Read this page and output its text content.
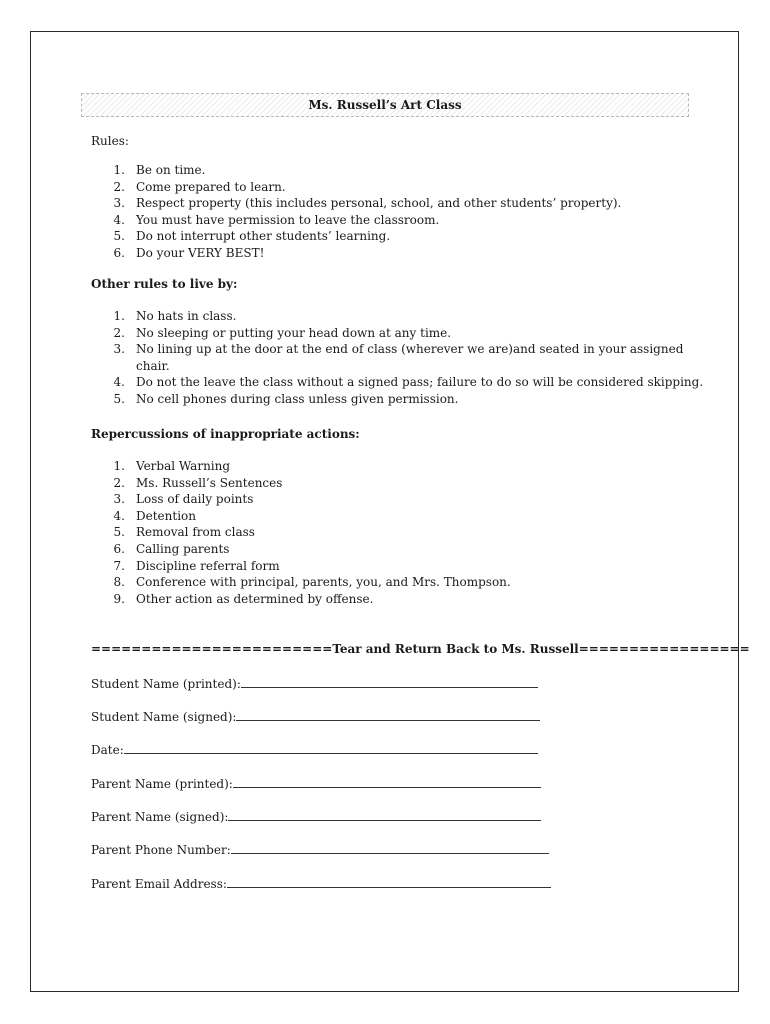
Ms. Russell’s Art Class
Rules:
1. Be on time.
2. Come prepared to learn.
3. Respect property (this includes personal, school, and other students’ property).
4. You must have permission to leave the classroom.
5. Do not interrupt other students’ learning.
6. Do your VERY BEST!
Other rules to live by:
1. No hats in class.
2. No sleeping or putting your head down at any time.
3. No lining up at the door at the end of class (wherever we are)and seated in your assigned
chair.
4. Do not the leave the class without a signed pass; failure to do so will be considered skipping.
5. No cell phones during class unless given permission.
Repercussions of inappropriate actions:
1. Verbal Warning
2. Ms. Russell’s Sentences
3. Loss of daily points
4. Detention
5. Removal from class
6. Calling parents
7. Discipline referral form
8. Conference with principal, parents, you, and Mrs. Thompson.
9. Other action as determined by offense.
========================Tear and Return Back to Ms. Russell=================
Student Name (printed):
Student Name (signed):
Date:
Parent Name (printed):
Parent Name (signed):
Parent Phone Number:
Parent Email Address:
